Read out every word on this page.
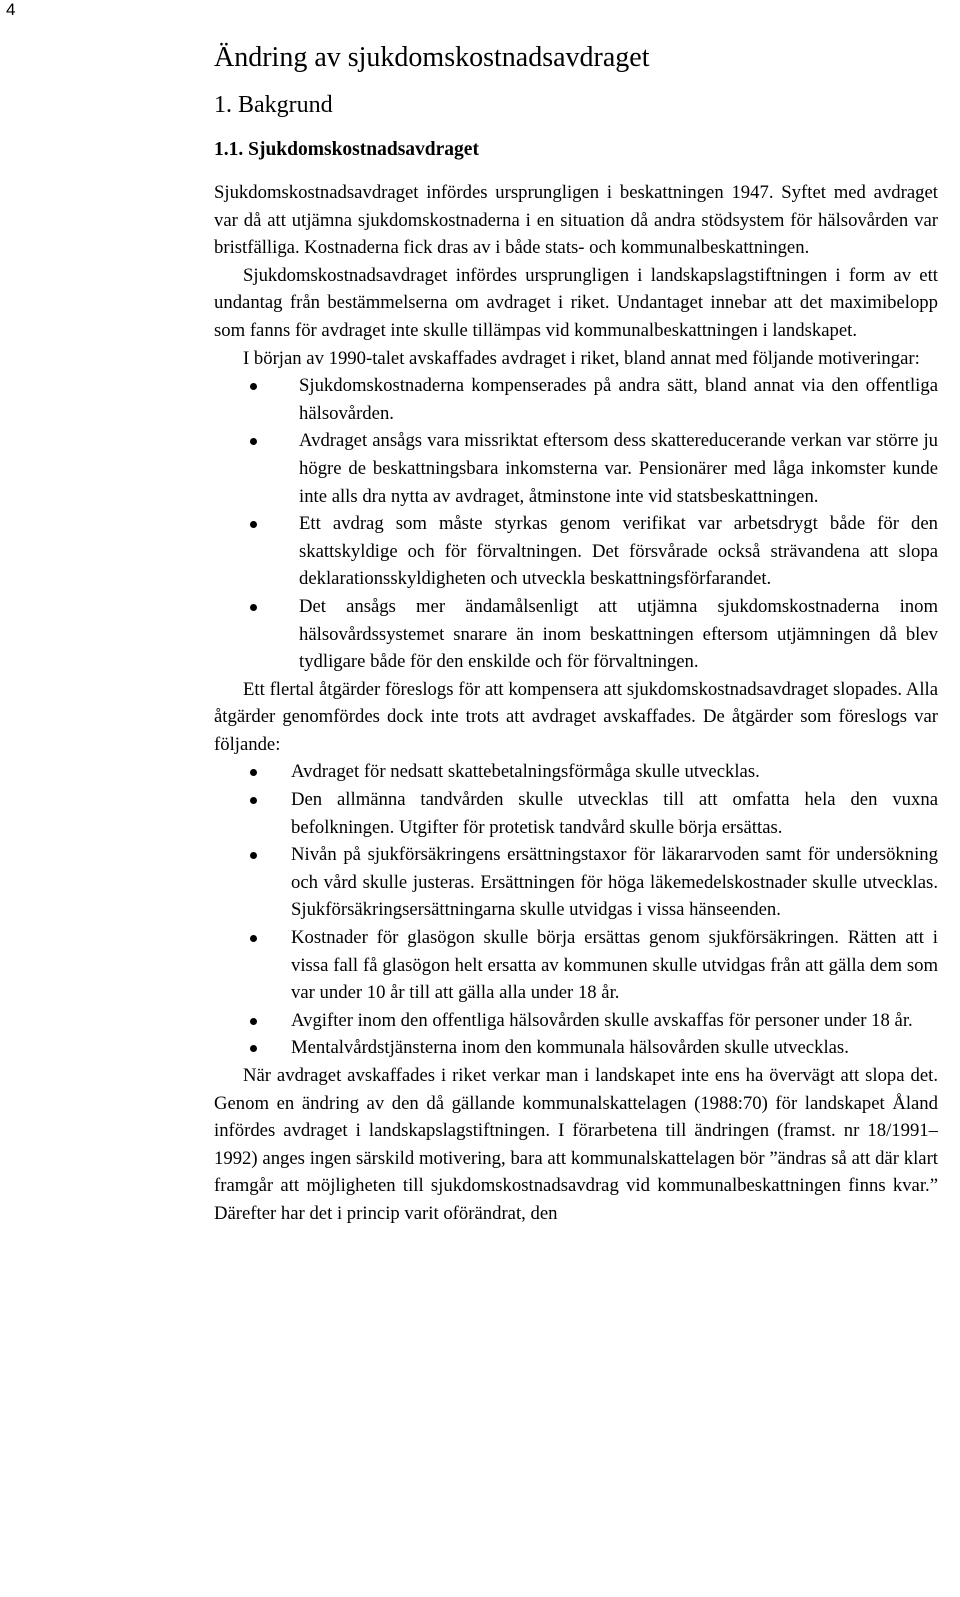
4
Ändring av sjukdomskostnadsavdraget
1. Bakgrund
1.1. Sjukdomskostnadsavdraget

Sjukdomskostnadsavdraget infördes ursprungligen i beskattningen 1947. Syftet med avdraget var då att utjämna sjukdomskostnaderna i en situation då andra stödsystem för hälsovården var bristfälliga. Kostnaderna fick dras av i både stats- och kommunalbeskattningen.

Sjukdomskostnadsavdraget infördes ursprungligen i landskapslagstiftningen i form av ett undantag från bestämmelserna om avdraget i riket. Undantaget innebar att det maximibelopp som fanns för avdraget inte skulle tillämpas vid kommunalbeskattningen i landskapet.

I början av 1990-talet avskaffades avdraget i riket, bland annat med följande motiveringar:

Sjukdomskostnaderna kompenserades på andra sätt, bland annat via den offentliga hälsovården.
Avdraget ansågs vara missriktat eftersom dess skattereducerande verkan var större ju högre de beskattningsbara inkomsterna var. Pensionärer med låga inkomster kunde inte alls dra nytta av avdraget, åtminstone inte vid statsbeskattningen.
Ett avdrag som måste styrkas genom verifikat var arbetsdrygt både för den skattskyldige och för förvaltningen. Det försvårade också strävandena att slopa deklarationsskyldigheten och utveckla beskattningsförfarandet.
Det ansågs mer ändamålsenligt att utjämna sjukdomskostnaderna inom hälsovårdssystemet snarare än inom beskattningen eftersom utjämningen då blev tydligare både för den enskilde och för förvaltningen.

Ett flertal åtgärder föreslogs för att kompensera att sjukdomskostnadsavdraget slopades. Alla åtgärder genomfördes dock inte trots att avdraget avskaffades. De åtgärder som föreslogs var följande:

Avdraget för nedsatt skattebetalningsförmåga skulle utvecklas.
Den allmänna tandvården skulle utvecklas till att omfatta hela den vuxna befolkningen. Utgifter för protetisk tandvård skulle börja ersättas.
Nivån på sjukförsäkringens ersättningstaxor för läkararvoden samt för undersökning och vård skulle justeras. Ersättningen för höga läkemedelskostnader skulle utvecklas. Sjukförsäkringsersättningarna skulle utvidgas i vissa hänseenden.
Kostnader för glasögon skulle börja ersättas genom sjukförsäkringen. Rätten att i vissa fall få glasögon helt ersatta av kommunen skulle utvidgas från att gälla dem som var under 10 år till att gälla alla under 18 år.
Avgifter inom den offentliga hälsovården skulle avskaffas för personer under 18 år.
Mentalvårdstjänsterna inom den kommunala hälsovården skulle utvecklas.

När avdraget avskaffades i riket verkar man i landskapet inte ens ha övervägt att slopa det. Genom en ändring av den då gällande kommunalskattelagen (1988:70) för landskapet Åland infördes avdraget i landskapslagstiftningen. I förarbetena till ändringen (framst. nr 18/1991–1992) anges ingen särskild motivering, bara att kommunalskattelagen bör ”ändras så att där klart framgår att möjligheten till sjukdomskostnadsavdrag vid kommunalbeskattningen finns kvar.” Därefter har det i princip varit oförändrat, den
